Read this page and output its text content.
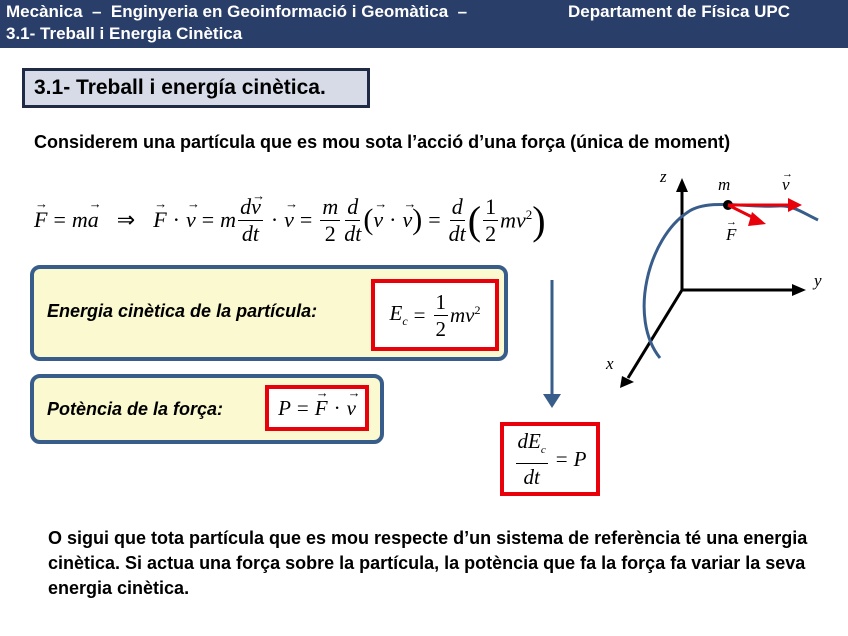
Mecànica  –  Enginyeria en Geoinformació i Geomàtica  –	Departament de Física UPC
3.1- Treball i Energia Cinètica
3.1- Treball i energía cinètica.
Considerem una partícula que es mou sota l’acció d’una força (única de moment)
→ F = m → a ⇒ → F · → v = m $\frac{d\to v}{dt}$ · → $v = \frac{m}{2} \frac{d}{dt}$ ( → v · → v ) = $\frac{d}{dt}$ ( $\frac{1}{2} mv^2$ )
Energia cinètica de la partícula:	$E_c = \frac{1}{2} mv^2$
Potència de la força:	P = → F · → v
$\frac{dE_c}{dt} = P$
z
y
x
m	v
→
F
→
O sigui que tota partícula que es mou respecte d’un sistema de referència té una energia cinètica. Si actua una força sobre la partícula, la potència que fa la força fa variar la seva energia cinètica.
